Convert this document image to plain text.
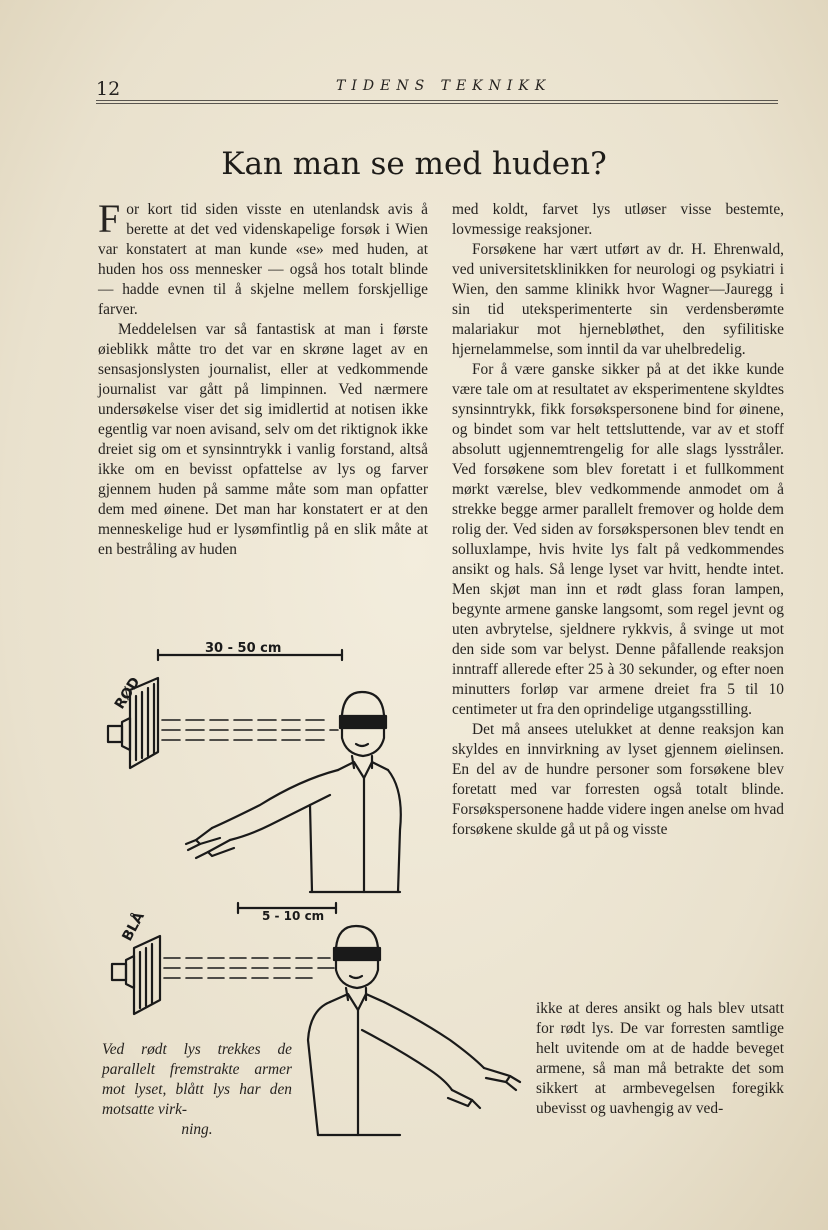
12	TIDENS TEKNIKK
Kan man se med huden?

For kort tid siden visste en utenlandsk avis å berette at det ved videnskapelige forsøk i Wien var konstatert at man kunde «se» med huden, at huden hos oss mennesker — også hos totalt blinde — hadde evnen til å skjelne mellem forskjellige farver.

Meddelelsen var så fantastisk at man i første øieblikk måtte tro det var en skrøne laget av en sensasjonslysten journalist, eller at vedkommende journalist var gått på limpinnen. Ved nærmere undersøkelse viser det sig imidlertid at notisen ikke egentlig var noen avisand, selv om det riktignok ikke dreiet sig om et synsinntrykk i vanlig forstand, altså ikke om en bevisst opfattelse av lys og farver gjennem huden på samme måte som man opfatter dem med øinene. Det man har konstatert er at den menneskelige hud er lysømfintlig på en slik måte at en bestråling av huden

med koldt, farvet lys utløser visse bestemte, lovmessige reaksjoner.

Forsøkene har vært utført av dr. H. Ehrenwald, ved universitetsklinikken for neurologi og psykiatri i Wien, den samme klinikk hvor Wagner—Jauregg i sin tid uteksperimenterte sin verdensberømte malariakur mot hjernebløthet, den syfilitiske hjernelammelse, som inntil da var uhelbredelig.

For å være ganske sikker på at det ikke kunde være tale om at resultatet av eksperimentene skyldtes synsinntrykk, fikk forsøkspersonene bind for øinene, og bindet som var helt tettsluttende, var av et stoff absolutt ugjennemtrengelig for alle slags lysstråler. Ved forsøkene som blev foretatt i et fullkomment mørkt værelse, blev vedkommende anmodet om å strekke begge armer parallelt fremover og holde dem rolig der. Ved siden av forsøkspersonen blev tendt en solluxlampe, hvis hvite lys falt på vedkommendes ansikt og hals. Så lenge lyset var hvitt, hendte intet. Men skjøt man inn et rødt glass foran lampen, begynte armene ganske langsomt, som regel jevnt og uten avbrytelse, sjeldnere rykkvis, å svinge ut mot den side som var belyst. Denne påfallende reaksjon inntraff allerede efter 25 à 30 sekunder, og efter noen minutters forløp var armene dreiet fra 5 til 10 centimeter ut fra den oprindelige utgangsstilling.

Det må ansees utelukket at denne reaksjon kan skyldes en innvirkning av lyset gjennem øielinsen. En del av de hundre personer som forsøkene blev foretatt med var forresten også totalt blinde. Forsøkspersonene hadde videre ingen anelse om hvad forsøkene skulde gå ut på og visste

ikke at deres ansikt og hals blev utsatt for rødt lys. De var forresten samtlige helt uvitende om at de hadde beveget armene, så man må betrakte det som sikkert at armbevegelsen foregikk ubevisst og uavhengig av ved-

30 - 50 cm
RØD
5 - 10 cm
BLÅ
Ved rødt lys trekkes de parallelt fremstrakte armer mot lyset, blått lys har den motsatte virk-
ning.
